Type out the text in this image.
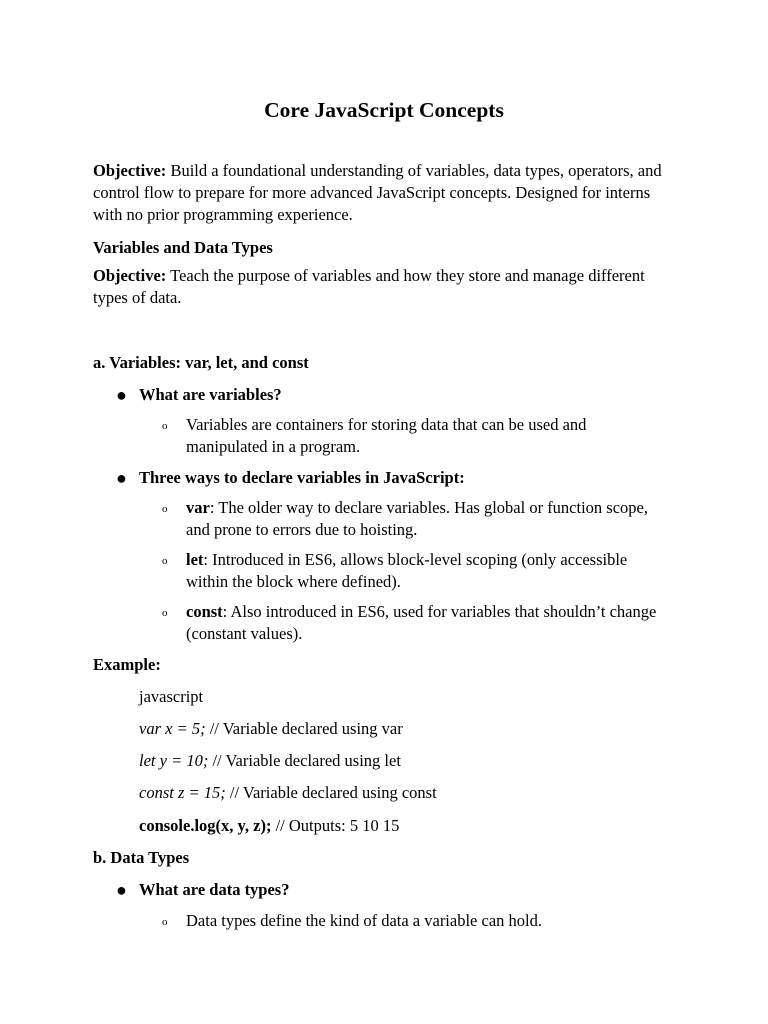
Core JavaScript Concepts
Objective: Build a foundational understanding of variables, data types, operators, and control flow to prepare for more advanced JavaScript concepts. Designed for interns with no prior programming experience.
Variables and Data Types
Objective: Teach the purpose of variables and how they store and manage different types of data.
a. Variables: var, let, and const
● What are variables?
o Variables are containers for storing data that can be used and manipulated in a program.
● Three ways to declare variables in JavaScript:
o var: The older way to declare variables. Has global or function scope, and prone to errors due to hoisting.
o let: Introduced in ES6, allows block-level scoping (only accessible within the block where defined).
o const: Also introduced in ES6, used for variables that shouldn’t change (constant values).
Example:
javascript
var x = 5; // Variable declared using var
let y = 10; // Variable declared using let
const z = 15; // Variable declared using const
console.log(x, y, z); // Outputs: 5 10 15
b. Data Types
● What are data types?
o Data types define the kind of data a variable can hold.
